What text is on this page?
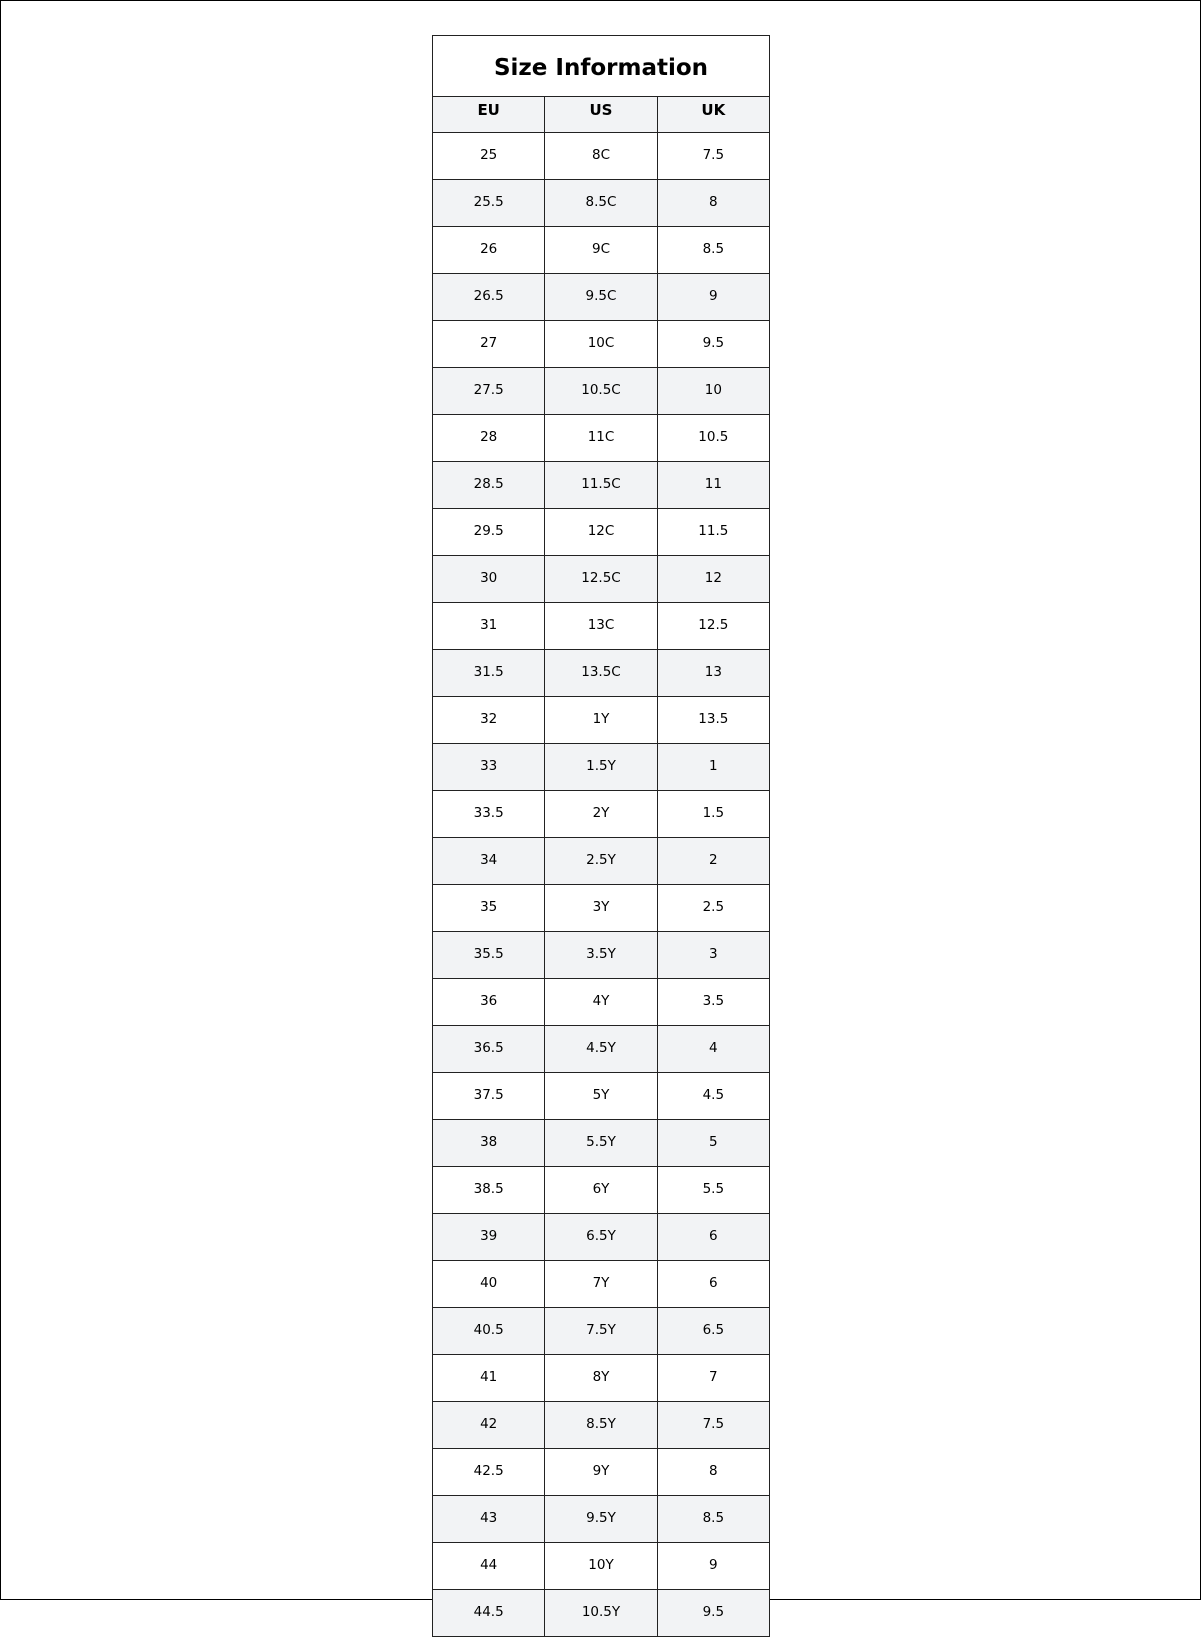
Size Information		
EU	US	UK
25	8C	7.5
25.5	8.5C	8
26	9C	8.5
26.5	9.5C	9
27	10C	9.5
27.5	10.5C	10
28	11C	10.5
28.5	11.5C	11
29.5	12C	11.5
30	12.5C	12
31	13C	12.5
31.5	13.5C	13
32	1Y	13.5
33	1.5Y	1
33.5	2Y	1.5
34	2.5Y	2
35	3Y	2.5
35.5	3.5Y	3
36	4Y	3.5
36.5	4.5Y	4
37.5	5Y	4.5
38	5.5Y	5
38.5	6Y	5.5
39	6.5Y	6
40	7Y	6
40.5	7.5Y	6.5
41	8Y	7
42	8.5Y	7.5
42.5	9Y	8
43	9.5Y	8.5
44	10Y	9
44.5	10.5Y	9.5
